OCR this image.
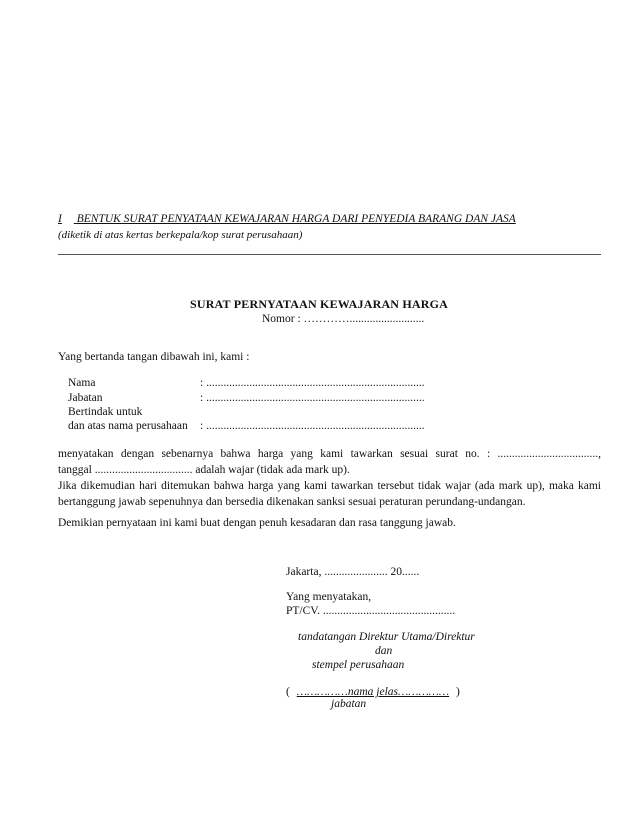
I BENTUK SURAT PENYATAAN KEWAJARAN HARGA DARI PENYEDIA BARANG DAN JASA
(diketik di atas kertas berkepala/kop surat perusahaan)
SURAT PERNYATAAN KEWAJARAN HARGA
Nomor : …………..........................
Yang bertanda tangan dibawah ini, kami :
Nama	: ............................................................................
Jabatan	: ............................................................................
Bertindak untuk
dan atas nama perusahaan : ............................................................................
menyatakan dengan sebenarnya bahwa harga yang kami tawarkan sesuai surat no. : ...................................,
tanggal .................................. adalah wajar (tidak ada mark up).
Jika dikemudian hari ditemukan bahwa harga yang kami tawarkan tersebut tidak wajar (ada mark up), maka kami
bertanggung jawab sepenuhnya dan bersedia dikenakan sanksi sesuai peraturan perundang-undangan.
Demikian pernyataan ini kami buat dengan penuh kesadaran dan rasa tanggung jawab.
Jakarta, ...................... 20......
Yang menyatakan,
PT/CV. ..............................................
tandatangan Direktur Utama/Direktur
dan
stempel perusahaan
( ……………nama jelas…………… )
jabatan
